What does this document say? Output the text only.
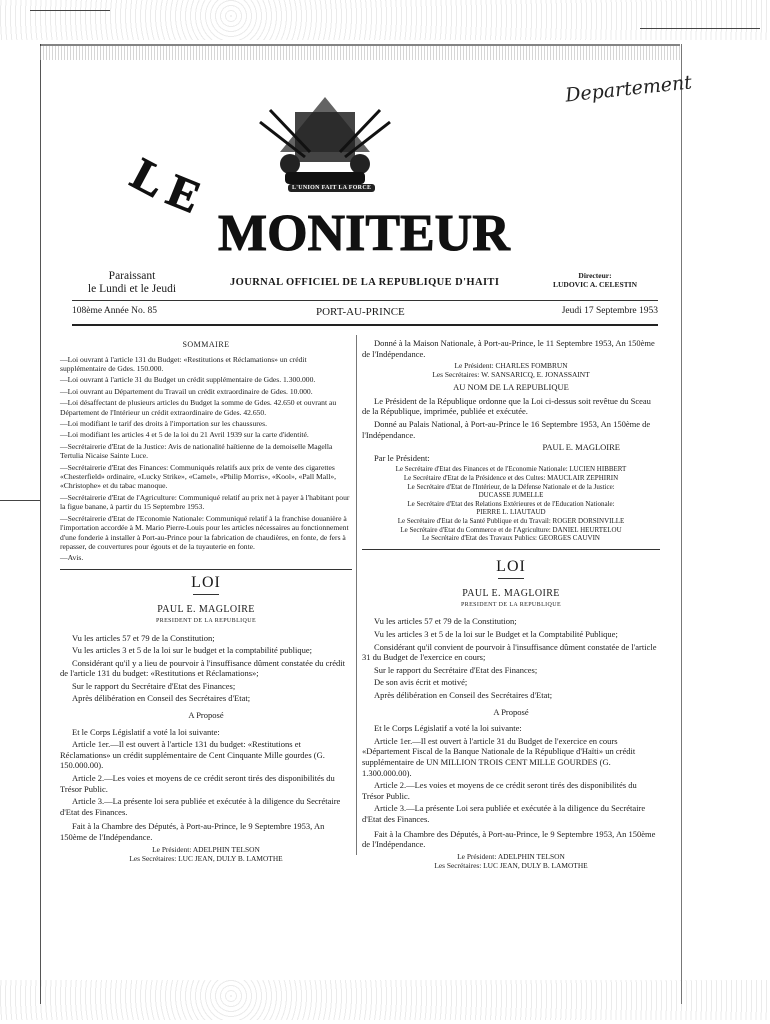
Departement
L
E
MONITEUR
L'UNION FAIT LA FORCE
Paraissant
le Lundi et le Jeudi
JOURNAL OFFICIEL DE LA REPUBLIQUE D'HAITI
Directeur:
LUDOVIC A. CELESTIN
108ème Année No. 85	PORT-AU-PRINCE	Jeudi 17 Septembre 1953
SOMMAIRE

—Loi ouvrant à l'article 131 du Budget: «Restitutions et Réclamations» un crédit supplémentaire de Gdes. 150.000.

—Loi ouvrant à l'article 31 du Budget un crédit supplémentaire de Gdes. 1.300.000.

—Loi ouvrant au Département du Travail un crédit extraordinaire de Gdes. 10.000.

—Loi désaffectant de plusieurs articles du Budget la somme de Gdes. 42.650 et ouvrant au Département de l'Intérieur un crédit extraordinaire de Gdes. 42.650.

—Loi modifiant le tarif des droits à l'importation sur les chaussures.

—Loi modifiant les articles 4 et 5 de la loi du 21 Avril 1939 sur la carte d'identité.

—Secrétairerie d'Etat de la Justice: Avis de nationalité haïtienne de la demoiselle Magella Tertulia Nicaise Sainte Luce.

—Secrétairerie d'Etat des Finances: Communiqués relatifs aux prix de vente des cigarettes «Chesterfield» ordinaire, «Lucky Strike», «Camel», «Philip Morris», «Kool», «Pall Mall», «Christophe» et du tabac manoque.

—Secrétairerie d'Etat de l'Agriculture: Communiqué relatif au prix net à payer à l'habitant pour la figue banane, à partir du 15 Septembre 1953.

—Secrétairerie d'Etat de l'Economie Nationale: Communiqué relatif à la franchise douanière à l'importation accordée à M. Mario Pierre-Louis pour les articles nécessaires au fonctionnement d'une fonderie à installer à Port-au-Prince pour la fabrication de chaudières, en fonte, de fers à repasser, de couvertures pour égouts et de la tuyauterie en fonte.

—Avis.

LOI
PAUL E. MAGLOIRE
PRESIDENT DE LA REPUBLIQUE

Vu les articles 57 et 79 de la Constitution;

Vu les articles 3 et 5 de la loi sur le budget et la comptabilité publique;

Considérant qu'il y a lieu de pourvoir à l'insuffisance dûment constatée du crédit de l'article 131 du budget: «Restitutions et Réclamations»;

Sur le rapport du Secrétaire d'Etat des Finances;

Après délibération en Conseil des Secrétaires d'Etat;

A Proposé

Et le Corps Législatif a voté la loi suivante:

Article 1er.—Il est ouvert à l'article 131 du budget: «Restitutions et Réclamations» un crédit supplémentaire de Cent Cinquante Mille gourdes (G. 150.000.00).

Article 2.—Les voies et moyens de ce crédit seront tirés des disponibilités du Trésor Public.

Article 3.—La présente loi sera publiée et exécutée à la diligence du Secrétaire d'Etat des Finances.

Fait à la Chambre des Députés, à Port-au-Prince, le 9 Septembre 1953, An 150ème de l'Indépendance.

Le Président: ADELPHIN TELSON
Les Secrétaires: LUC JEAN, DULY B. LAMOTHE

Donné à la Maison Nationale, à Port-au-Prince, le 11 Septembre 1953, An 150ème de l'Indépendance.

Le Président: CHARLES FOMBRUN
Les Secrétaires: W. SANSARICQ, E. JONASSAINT
AU NOM DE LA REPUBLIQUE

Le Président de la République ordonne que la Loi ci-dessus soit revêtue du Sceau de la République, imprimée, publiée et exécutée.

Donné au Palais National, à Port-au-Prince le 16 Septembre 1953, An 150ème de l'Indépendance.

PAUL E. MAGLOIRE

Par le Président:

Le Secrétaire d'Etat des Finances et de l'Economie Nationale: LUCIEN HIBBERT
Le Secrétaire d'Etat de la Présidence et des Cultes: MAUCLAIR ZEPHIRIN
Le Secrétaire d'Etat de l'Intérieur, de la Défense Nationale et de la Justice:
DUCASSE JUMELLE
Le Secrétaire d'Etat des Relations Extérieures et de l'Education Nationale:
PIERRE L. LIAUTAUD
Le Secrétaire d'Etat de la Santé Publique et du Travail: ROGER DORSINVILLE
Le Secrétaire d'Etat du Commerce et de l'Agriculture: DANIEL HEURTELOU
Le Secrétaire d'Etat des Travaux Publics: GEORGES CAUVIN
LOI
PAUL E. MAGLOIRE
PRESIDENT DE LA REPUBLIQUE

Vu les articles 57 et 79 de la Constitution;

Vu les articles 3 et 5 de la loi sur le Budget et la Comptabilité Publique;

Considérant qu'il convient de pourvoir à l'insuffisance dûment constatée de l'article 31 du Budget de l'exercice en cours;

Sur le rapport du Secrétaire d'Etat des Finances;

De son avis écrit et motivé;

Après délibération en Conseil des Secrétaires d'Etat;

A Proposé

Et le Corps Législatif a voté la loi suivante:

Article 1er.—Il est ouvert à l'article 31 du Budget de l'exercice en cours «Département Fiscal de la Banque Nationale de la République d'Haïti» un crédit supplémentaire de UN MILLION TROIS CENT MILLE GOURDES (G. 1.300.000.00).

Article 2.—Les voies et moyens de ce crédit seront tirés des disponibilités du Trésor Public.

Article 3.—La présente Loi sera publiée et exécutée à la diligence du Secrétaire d'Etat des Finances.

Fait à la Chambre des Députés, à Port-au-Prince, le 9 Septembre 1953, An 150ème de l'Indépendance.

Le Président: ADELPHIN TELSON
Les Secrétaires: LUC JEAN, DULY B. LAMOTHE
